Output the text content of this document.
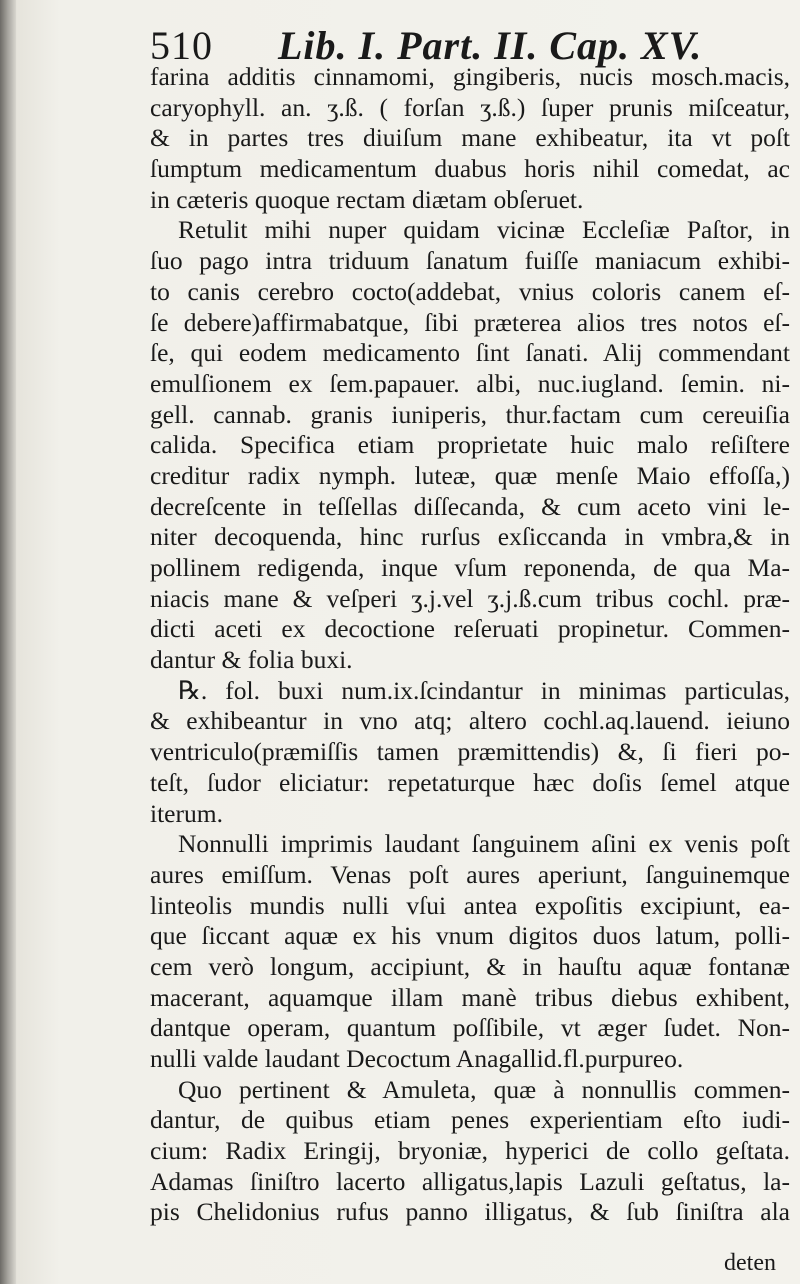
510 Lib. I. Part. II. Cap. XV.
farina additis cinnamomi, gingiberis, nucis mosch.macis,
caryophyll. an. ʒ.ß. ( forſan ʒ.ß.) ſuper prunis miſceatur,
& in partes tres diuiſum mane exhibeatur, ita vt poſt
ſumptum medicamentum duabus horis nihil comedat, ac
in cæteris quoque rectam diætam obſeruet.
Retulit mihi nuper quidam vicinæ Eccleſiæ Paſtor, in
ſuo pago intra triduum ſanatum fuiſſe maniacum exhibi-
to canis cerebro cocto(addebat, vnius coloris canem eſ-
ſe debere)affirmabatque, ſibi præterea alios tres notos eſ-
ſe, qui eodem medicamento ſint ſanati. Alij commendant
emulſionem ex ſem.papauer. albi, nuc.iugland. ſemin. ni-
gell. cannab. granis iuniperis, thur.factam cum cereuiſia
calida. Specifica etiam proprietate huic malo reſiſtere
creditur radix nymph. luteæ, quæ menſe Maio effoſſa,)
decreſcente in teſſellas diſſecanda, & cum aceto vini le-
niter decoquenda, hinc rurſus exſiccanda in vmbra,& in
pollinem redigenda, inque vſum reponenda, de qua Ma-
niacis mane & veſperi ʒ.j.vel ʒ.j.ß.cum tribus cochl. præ-
dicti aceti ex decoctione reſeruati propinetur. Commen-
dantur & folia buxi.
℞. fol. buxi num.ix.ſcindantur in minimas particulas,
& exhibeantur in vno atq; altero cochl.aq.lauend. ieiuno
ventriculo(præmiſſis tamen præmittendis) &, ſi fieri po-
teſt, ſudor eliciatur: repetaturque hæc doſis ſemel atque
iterum.
Nonnulli imprimis laudant ſanguinem aſini ex venis poſt
aures emiſſum. Venas poſt aures aperiunt, ſanguinemque
linteolis mundis nulli vſui antea expoſitis excipiunt, ea-
que ſiccant aquæ ex his vnum digitos duos latum, polli-
cem verò longum, accipiunt, & in hauſtu aquæ fontanæ
macerant, aquamque illam manè tribus diebus exhibent,
dantque operam, quantum poſſibile, vt æger ſudet. Non-
nulli valde laudant Decoctum Anagallid.fl.purpureo.
Quo pertinent & Amuleta, quæ à nonnullis commen-
dantur, de quibus etiam penes experientiam eſto iudi-
cium: Radix Eringij, bryoniæ, hyperici de collo geſtata.
Adamas ſiniſtro lacerto alligatus,lapis Lazuli geſtatus, la-
pis Chelidonius rufus panno illigatus, & ſub ſiniſtra ala
deten
